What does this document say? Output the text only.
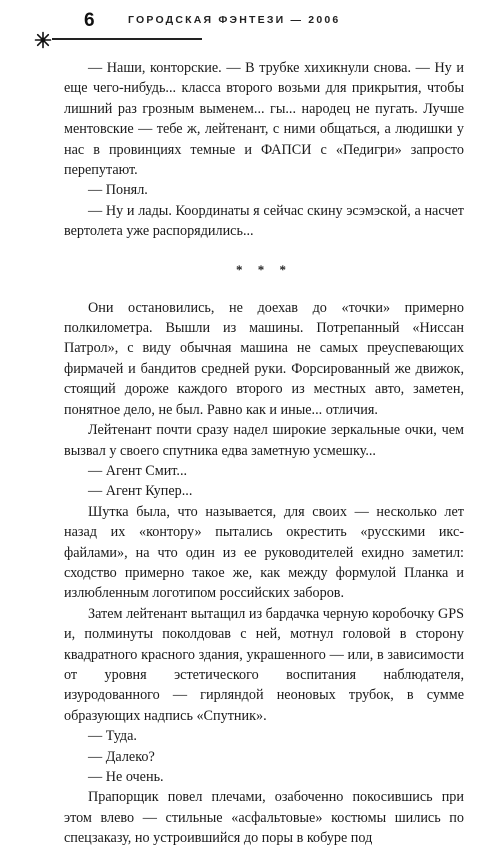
6	ГОРОДСКАЯ ФЭНТЕЗИ — 2006

— Наши, конторские. — В трубке хихикнули снова. — Ну и еще чего-нибудь... класса второго возьми для прикрытия, чтобы лишний раз грозным выменем... гы... народец не пугать. Лучше ментовские — тебе ж, лейтенант, с ними общаться, а людишки у нас в провинциях темные и ФАПСИ с «Педигри» запросто перепутают.

— Понял.

— Ну и лады. Координаты я сейчас скину эсэмэской, а насчет вертолета уже распорядились...

* * *

Они остановились, не доехав до «точки» примерно полкилометра. Вышли из машины. Потрепанный «Ниссан Патрол», с виду обычная машина не самых преуспевающих фирмачей и бандитов средней руки. Форсированный же движок, стоящий дороже каждого второго из местных авто, заметен, понятное дело, не был. Равно как и иные... отличия.

Лейтенант почти сразу надел широкие зеркальные очки, чем вызвал у своего спутника едва заметную усмешку...

— Агент Смит...

— Агент Купер...

Шутка была, что называется, для своих — несколько лет назад их «контору» пытались окрестить «русскими икс-файлами», на что один из ее руководителей ехидно заметил: сходство примерно такое же, как между формулой Планка и излюбленным логотипом российских заборов.

Затем лейтенант вытащил из бардачка черную коробочку GPS и, полминуты поколдовав с ней, мотнул головой в сторону квадратного красного здания, украшенного — или, в зависимости от уровня эстетического воспитания наблюдателя, изуродованного — гирляндой неоновых трубок, в сумме образующих надпись «Спутник».

— Туда.

— Далеко?

— Не очень.

Прапорщик повел плечами, озабоченно покосившись при этом влево — стильные «асфальтовые» костюмы шились по спецзаказу, но устроившийся до поры в кобуре под
